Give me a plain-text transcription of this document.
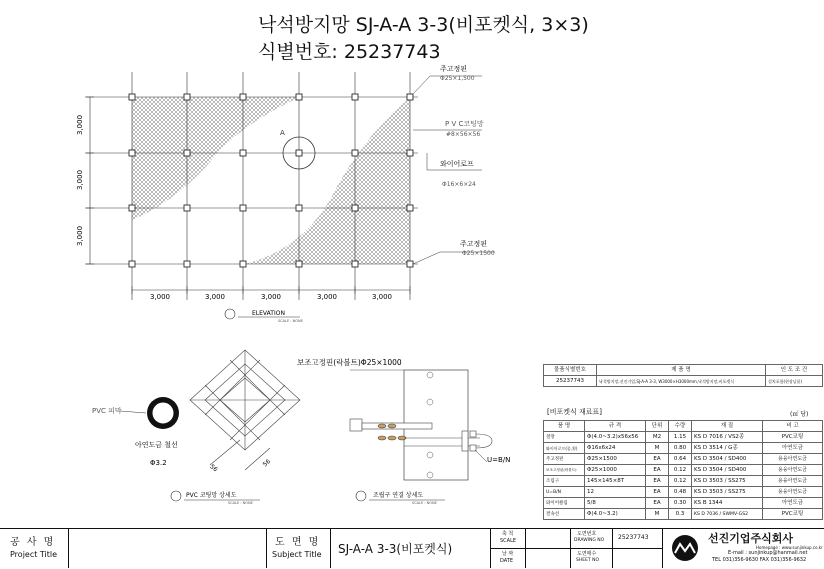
낙석방지망 SJ-A-A 3-3(비포켓식, 3×3)
식별번호: 25237743
A
3,000
3,000
3,000
3,000	3,000	3,000	3,000	3,000
주고정핀
Φ25×1,500
P V C코팅망
#8×56×56
와이어로프
Φ16×6×24
주고정핀
Φ25×1500
ELEVATION
SCALE : NONE
PVC 피막
아연도금 철선
Φ3.2
56	56
PVC 코팅망 상세도
SCALE : NONE
보조고정핀(락볼트)Φ25×1000
U=B/N
조립구 연결 상세도
SCALE : NONE
물품식별번호	제 품 명	인 도 조 건
25237743	낙석방지망,선진기업,SJ-A-A 3-3, W3000×H3000mm,낙석방지망,비포켓식	설치포함(현장납품)
[비포켓식 재료표]	(㎡ 당)
품 명	규 격	단위	수량	재 질	비 고
철망	Φ(4.0~3.2)x56x56	M2	1.15	KS D 7016 / VS2종	PVC코팅
와이어로프(종,횡)	Φ16x6x24	M	0.80	KS D 3514 / G종	아연도금
주고정핀	Φ25×1500	EA	0.64	KS D 3504 / SD400	용융아연도금
보조고정핀(락볼트)	Φ25×1000	EA	0.12	KS D 3504 / SD400	용융아연도금
조립구	145×145×8T	EA	0.12	KS D 3503 / SS275	용융아연도금
U=B/N	12	EA	0.48	KS D 3503 / SS275	용융아연도금
와이어클립	5/8	EA	0.30	KS B 1344	아연도금
결속선	Φ(4.0~3.2)	M	0.3	KS D 7036 / SWMV-GS2	PVC코팅
공 사 명
Project Title
도 면 명
Subject Title SJ-A-A 3-3(비포켓식)
축 척
SCALE
날 짜
DATE
도면번호
DRAWING NO 25237743
도면매수
SHEET NO
선진기업주식회사
Homepage : www.sunjinkup.co.kr
E-mail : sunjinkup@hanmail.net
TEL 031)356-9630 FAX 031)356-9632
